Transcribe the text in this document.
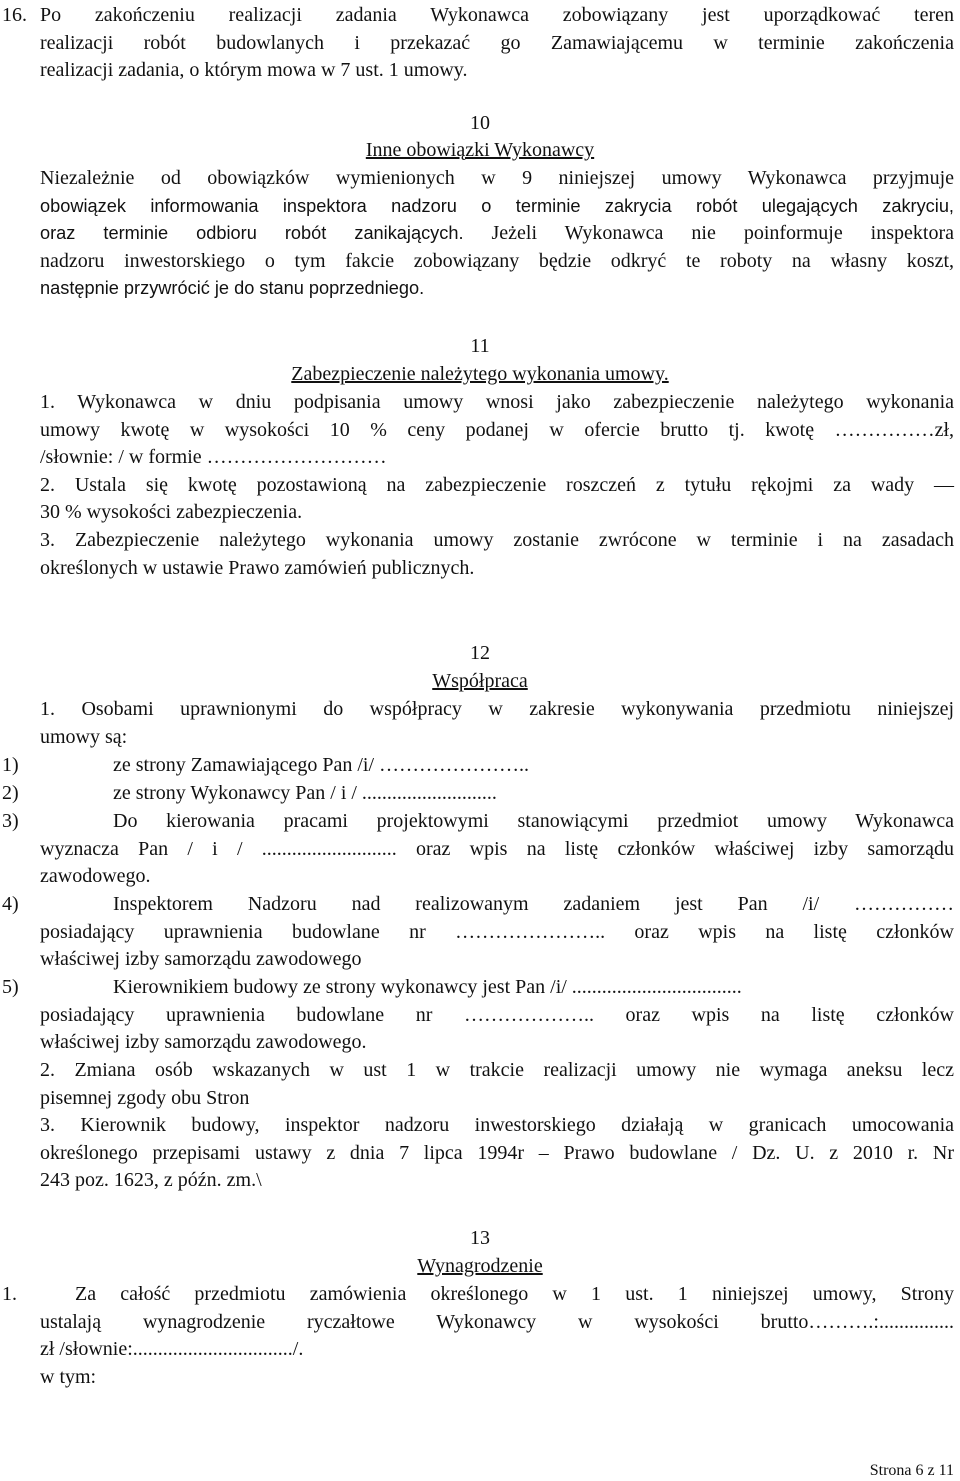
16. Po zakończeniu realizacji zadania Wykonawca zobowiązany jest uporządkować teren
realizacji robót budowlanych i przekazać go Zamawiającemu w terminie zakończenia
realizacji zadania, o którym mowa w 7 ust. 1 umowy.

10

Inne obowiązki Wykonawcy

Niezależnie od obowiązków wymienionych w 9 niniejszej umowy Wykonawca przyjmuje
obowiązek informowania inspektora nadzoru o terminie zakrycia robót ulegających zakryciu,
oraz terminie odbioru robót zanikających. Jeżeli Wykonawca nie poinformuje inspektora
nadzoru inwestorskiego o tym fakcie zobowiązany będzie odkryć te roboty na własny koszt,
następnie przywrócić je do stanu poprzedniego.

11

Zabezpieczenie należytego wykonania umowy.

1. Wykonawca w dniu podpisania umowy wnosi jako zabezpieczenie należytego wykonania
umowy kwotę w wysokości 10 % ceny podanej w ofercie brutto tj. kwotę ……………zł,
/słownie: / w formie ………………………
2. Ustala się kwotę pozostawioną na zabezpieczenie roszczeń z tytułu rękojmi za wady —
30 % wysokości zabezpieczenia.
3. Zabezpieczenie należytego wykonania umowy zostanie zwrócone w terminie i na zasadach
określonych w ustawie Prawo zamówień publicznych.

12

Współpraca

1. Osobami uprawnionymi do współpracy w zakresie wykonywania przedmiotu niniejszej
umowy są:
1)	ze strony Zamawiającego Pan /i/ …………………..
2)	ze strony Wykonawcy Pan / i / ...........................
3)	Do kierowania pracami projektowymi stanowiącymi przedmiot umowy Wykonawca
wyznacza Pan / i / ........................... oraz wpis na listę członków właściwej izby samorządu
zawodowego.
4)	Inspektorem Nadzoru nad realizowanym zadaniem jest Pan /i/ ……………
posiadający uprawnienia budowlane nr ………………….. oraz wpis na listę członków
właściwej izby samorządu zawodowego
5)	Kierownikiem budowy ze strony wykonawcy jest Pan /i/ ..................................
posiadający uprawnienia budowlane nr ……………….. oraz wpis na listę członków
właściwej izby samorządu zawodowego.
2. Zmiana osób wskazanych w ust 1 w trakcie realizacji umowy nie wymaga aneksu lecz
pisemnej zgody obu Stron
3. Kierownik budowy, inspektor nadzoru inwestorskiego działają w granicach umocowania
określonego przepisami ustawy z dnia 7 lipca 1994r – Prawo budowlane / Dz. U. z 2010 r. Nr
243 poz. 1623, z późn. zm.\

13

Wynagrodzenie

1.	Za całość przedmiotu zamówienia określonego w 1 ust. 1 niniejszej umowy, Strony
ustalają wynagrodzenie ryczałtowe Wykonawcy w wysokości brutto……….:...............
zł /słownie:................................/.
w tym:
Strona 6 z 11
